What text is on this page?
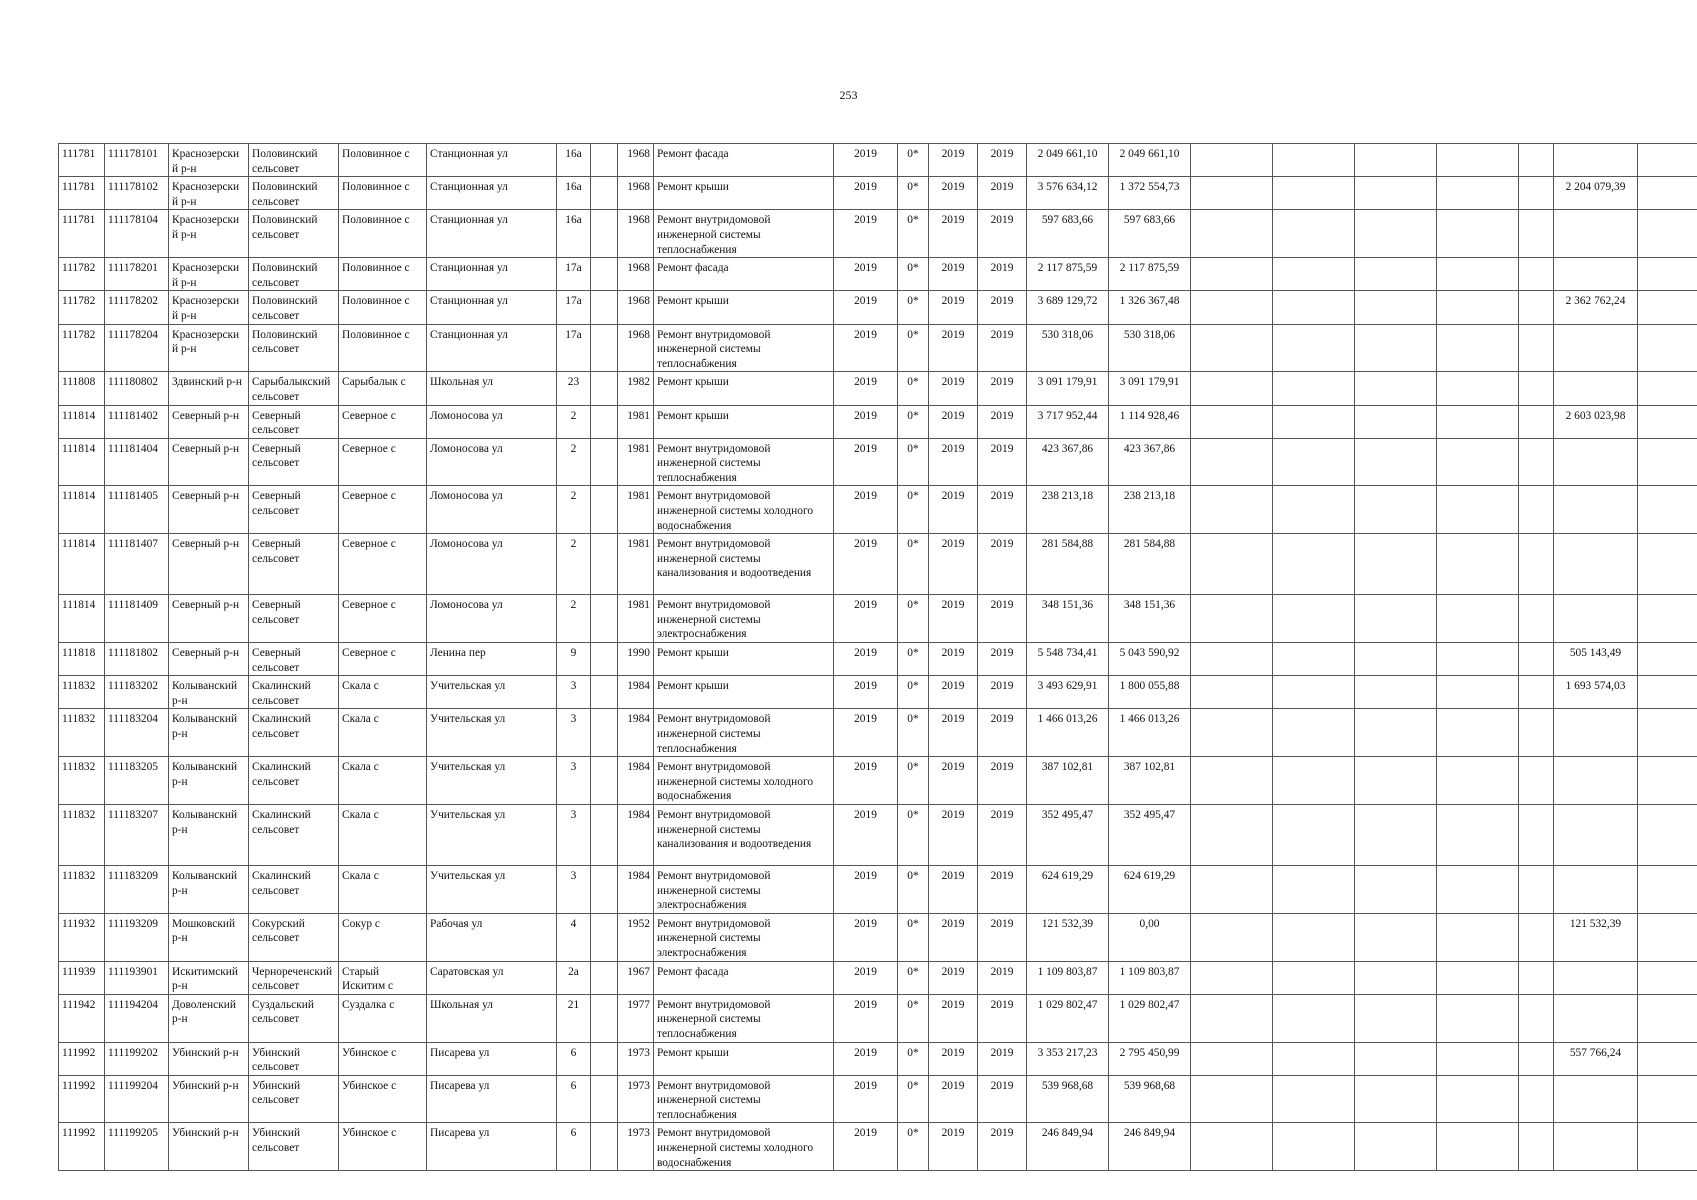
253
111781	111178101	Краснозерский р-н	Половинский сельсовет	Половинное с	Станционная ул	16а		1968	Ремонт фасада	2019	0*	2019	2019	2 049 661,10	2 049 661,10							
111781	111178102	Краснозерский р-н	Половинский сельсовет	Половинное с	Станционная ул	16а		1968	Ремонт крыши	2019	0*	2019	2019	3 576 634,12	1 372 554,73						2 204 079,39	
111781	111178104	Краснозерский р-н	Половинский сельсовет	Половинное с	Станционная ул	16а		1968	Ремонт внутридомовой инженерной системы теплоснабжения	2019	0*	2019	2019	597 683,66	597 683,66							
111782	111178201	Краснозерский р-н	Половинский сельсовет	Половинное с	Станционная ул	17а		1968	Ремонт фасада	2019	0*	2019	2019	2 117 875,59	2 117 875,59							
111782	111178202	Краснозерский р-н	Половинский сельсовет	Половинное с	Станционная ул	17а		1968	Ремонт крыши	2019	0*	2019	2019	3 689 129,72	1 326 367,48						2 362 762,24	
111782	111178204	Краснозерский р-н	Половинский сельсовет	Половинное с	Станционная ул	17а		1968	Ремонт внутридомовой инженерной системы теплоснабжения	2019	0*	2019	2019	530 318,06	530 318,06							
111808	111180802	Здвинский р-н	Сарыбалыкский сельсовет	Сарыбалык с	Школьная ул	23		1982	Ремонт крыши	2019	0*	2019	2019	3 091 179,91	3 091 179,91							
111814	111181402	Северный р-н	Северный сельсовет	Северное с	Ломоносова ул	2		1981	Ремонт крыши	2019	0*	2019	2019	3 717 952,44	1 114 928,46						2 603 023,98	
111814	111181404	Северный р-н	Северный сельсовет	Северное с	Ломоносова ул	2		1981	Ремонт внутридомовой инженерной системы теплоснабжения	2019	0*	2019	2019	423 367,86	423 367,86							
111814	111181405	Северный р-н	Северный сельсовет	Северное с	Ломоносова ул	2		1981	Ремонт внутридомовой инженерной системы холодного водоснабжения	2019	0*	2019	2019	238 213,18	238 213,18							
111814	111181407	Северный р-н	Северный сельсовет	Северное с	Ломоносова ул	2		1981	Ремонт внутридомовой инженерной системы канализования и водоотведения	2019	0*	2019	2019	281 584,88	281 584,88							
111814	111181409	Северный р-н	Северный сельсовет	Северное с	Ломоносова ул	2		1981	Ремонт внутридомовой инженерной системы электроснабжения	2019	0*	2019	2019	348 151,36	348 151,36							
111818	111181802	Северный р-н	Северный сельсовет	Северное с	Ленина пер	9		1990	Ремонт крыши	2019	0*	2019	2019	5 548 734,41	5 043 590,92						505 143,49	
111832	111183202	Колыванский р-н	Скалинский сельсовет	Скала с	Учительская ул	3		1984	Ремонт крыши	2019	0*	2019	2019	3 493 629,91	1 800 055,88						1 693 574,03	
111832	111183204	Колыванский р-н	Скалинский сельсовет	Скала с	Учительская ул	3		1984	Ремонт внутридомовой инженерной системы теплоснабжения	2019	0*	2019	2019	1 466 013,26	1 466 013,26							
111832	111183205	Колыванский р-н	Скалинский сельсовет	Скала с	Учительская ул	3		1984	Ремонт внутридомовой инженерной системы холодного водоснабжения	2019	0*	2019	2019	387 102,81	387 102,81							
111832	111183207	Колыванский р-н	Скалинский сельсовет	Скала с	Учительская ул	3		1984	Ремонт внутридомовой инженерной системы канализования и водоотведения	2019	0*	2019	2019	352 495,47	352 495,47							
111832	111183209	Колыванский р-н	Скалинский сельсовет	Скала с	Учительская ул	3		1984	Ремонт внутридомовой инженерной системы электроснабжения	2019	0*	2019	2019	624 619,29	624 619,29							
111932	111193209	Мошковский р-н	Сокурский сельсовет	Сокур с	Рабочая ул	4		1952	Ремонт внутридомовой инженерной системы электроснабжения	2019	0*	2019	2019	121 532,39	0,00						121 532,39	
111939	111193901	Искитимский р-н	Чернореченский сельсовет	Старый Искитим с	Саратовская ул	2а		1967	Ремонт фасада	2019	0*	2019	2019	1 109 803,87	1 109 803,87							
111942	111194204	Доволенский р-н	Суздальский сельсовет	Суздалка с	Школьная ул	21		1977	Ремонт внутридомовой инженерной системы теплоснабжения	2019	0*	2019	2019	1 029 802,47	1 029 802,47							
111992	111199202	Убинский р-н	Убинский сельсовет	Убинское с	Писарева ул	6		1973	Ремонт крыши	2019	0*	2019	2019	3 353 217,23	2 795 450,99						557 766,24	
111992	111199204	Убинский р-н	Убинский сельсовет	Убинское с	Писарева ул	6		1973	Ремонт внутридомовой инженерной системы теплоснабжения	2019	0*	2019	2019	539 968,68	539 968,68							
111992	111199205	Убинский р-н	Убинский сельсовет	Убинское с	Писарева ул	6		1973	Ремонт внутридомовой инженерной системы холодного водоснабжения	2019	0*	2019	2019	246 849,94	246 849,94							
